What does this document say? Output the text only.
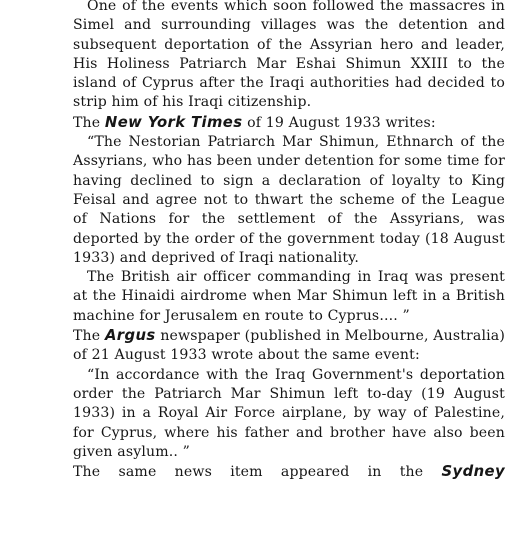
One of the events which soon followed the massacres in Simel and surrounding villages was the detention and subsequent deportation of the Assyrian hero and leader, His Holiness Patriarch Mar Eshai Shimun XXIII to the island of Cyprus after the Iraqi authorities had decided to strip him of his Iraqi citizenship.

The New York Times of 19 August 1933 writes:

“The Nestorian Patriarch Mar Shimun, Ethnarch of the Assyrians, who has been under detention for some time for having declined to sign a declaration of loyalty to King Feisal and agree not to thwart the scheme of the League of Nations for the settlement of the Assyrians, was deported by the order of the government today (18 August 1933) and deprived of Iraqi nationality.

The British air officer commanding in Iraq was present at the Hinaidi airdrome when Mar Shimun left in a British machine for Jerusalem en route to Cyprus.... ”

The Argus newspaper (published in Melbourne, Australia) of 21 August 1933 wrote about the same event:

“In accordance with the Iraq Government's deportation order the Patriarch Mar Shimun left to-day (19 August 1933) in a Royal Air Force airplane, by way of Palestine, for Cyprus, where his father and brother have also been given asylum.. ”

The same news item appeared in the Sydney
